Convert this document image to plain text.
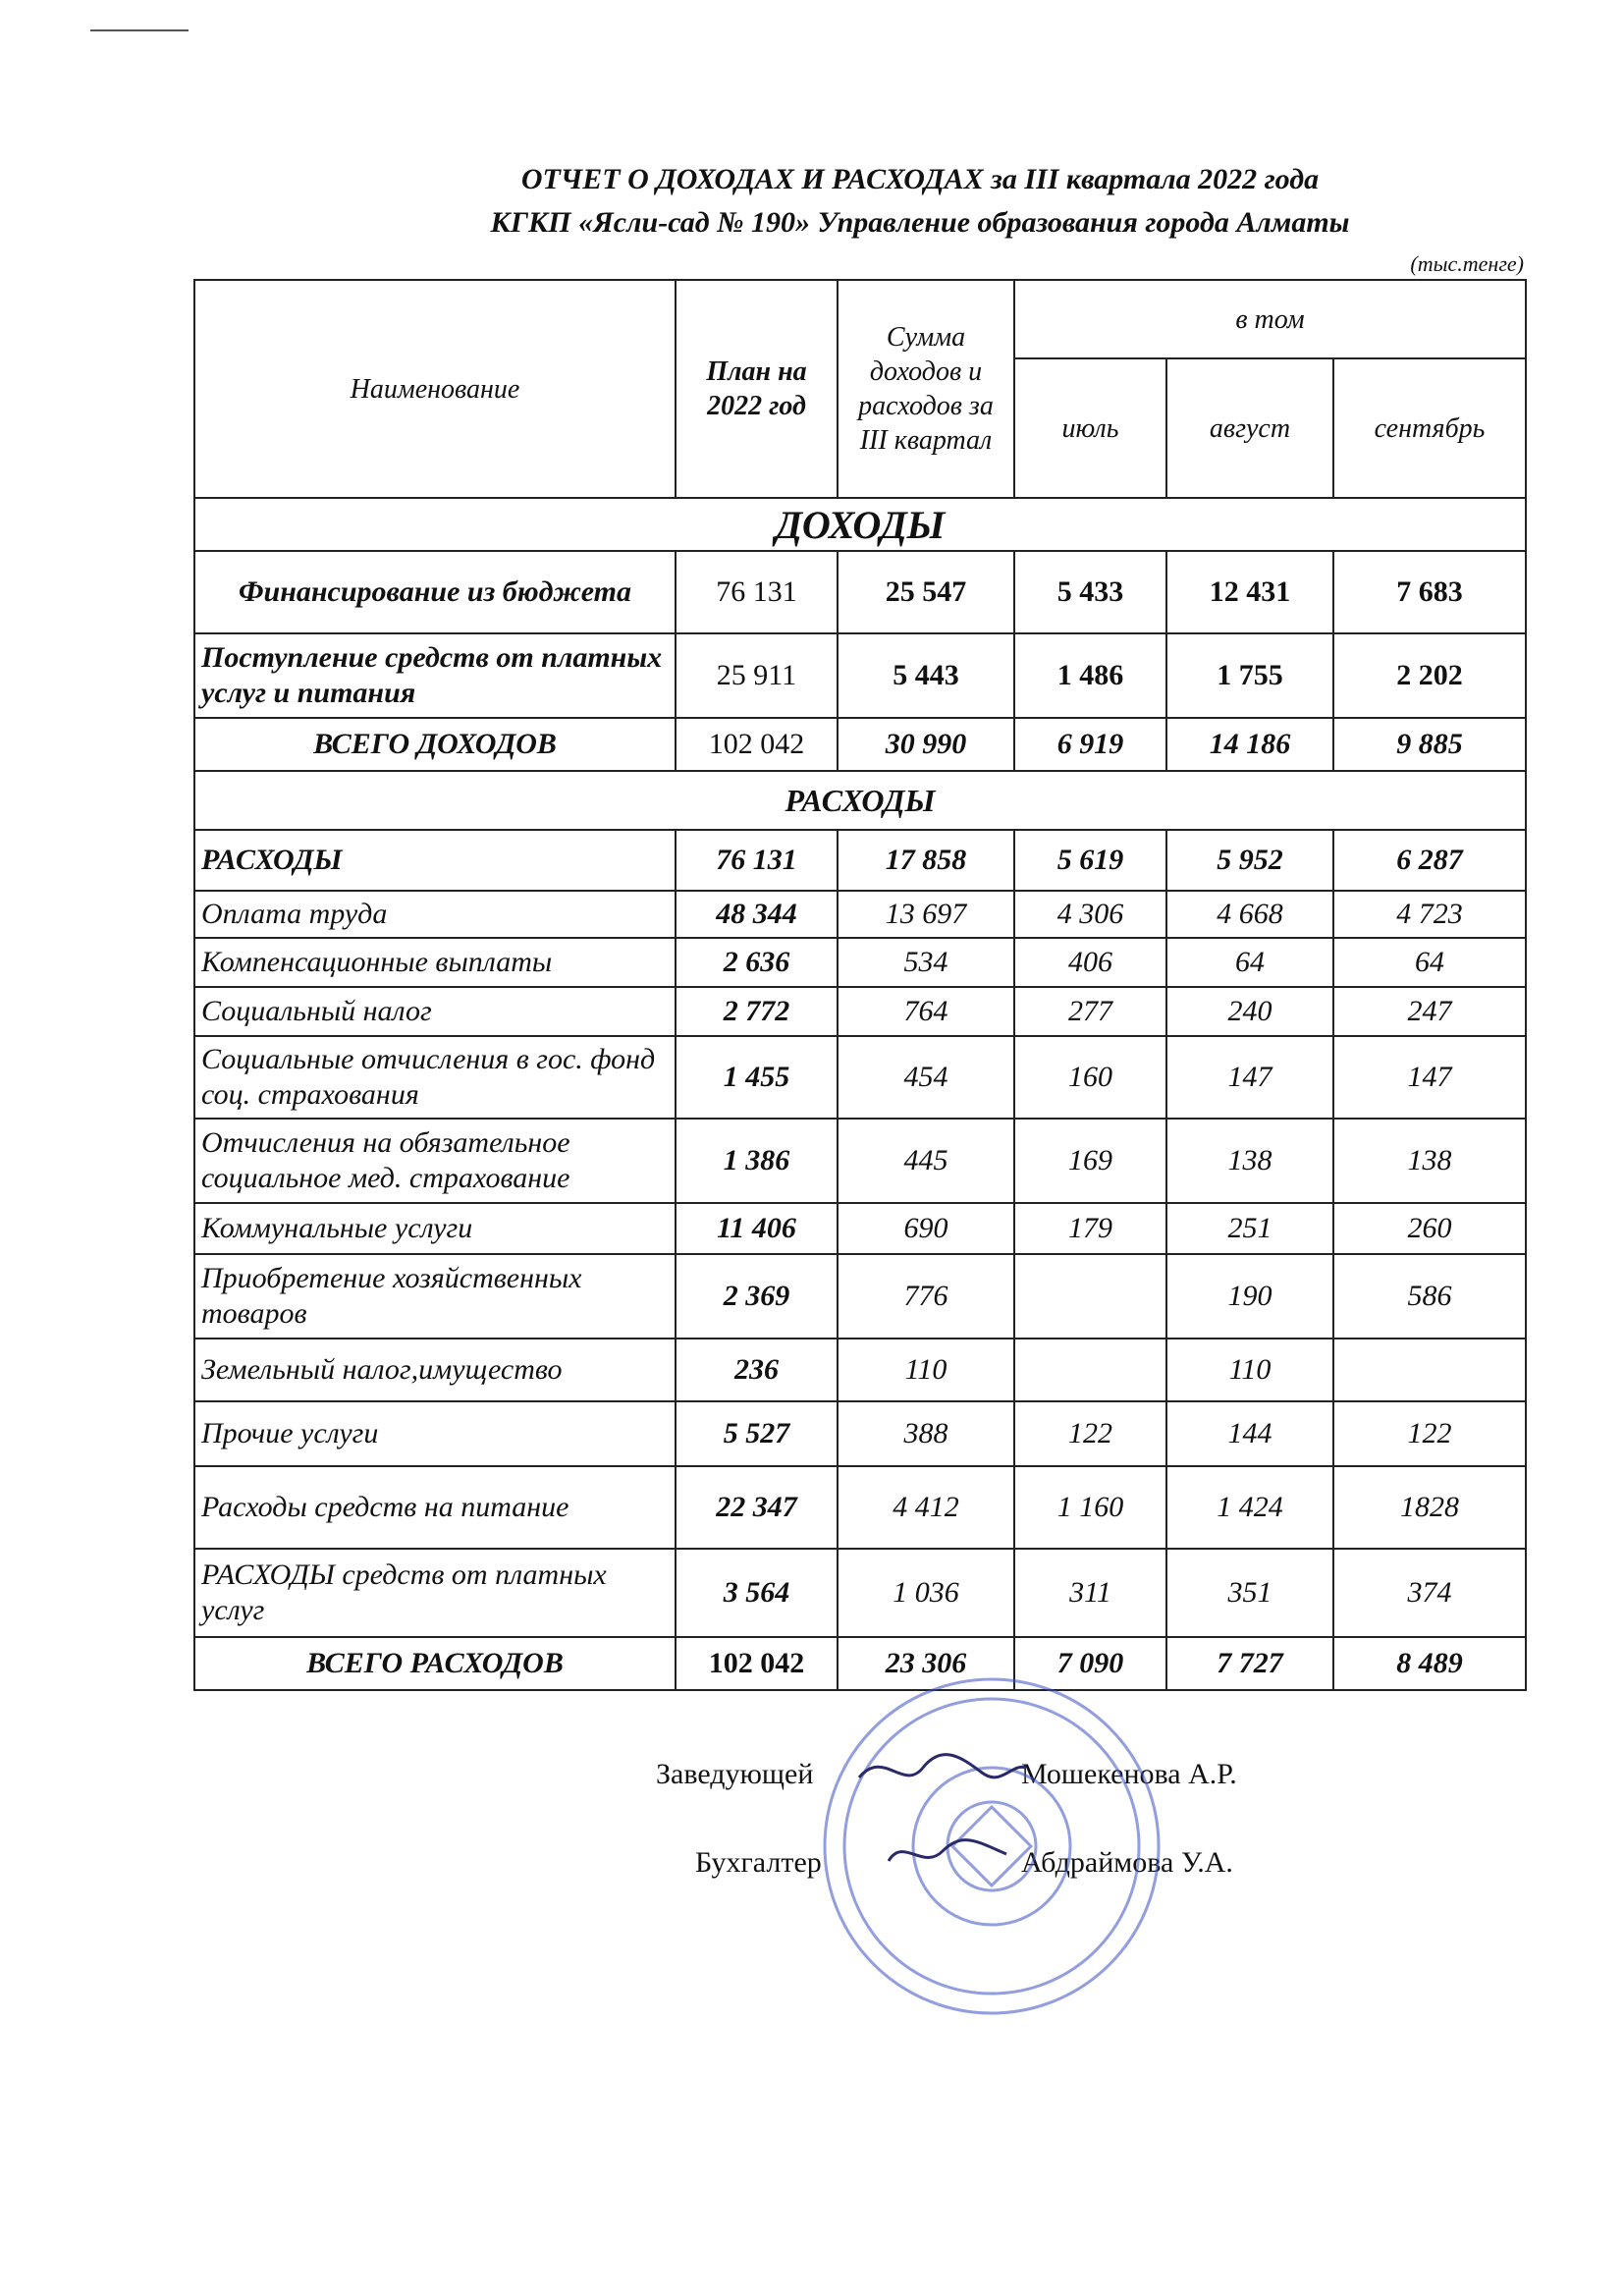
ОТЧЕТ О ДОХОДАХ И РАСХОДАХ за III квартала 2022 года
КГКП «Ясли-сад № 190» Управление образования города Алматы
(тыс.тенге)
Наименование	План на 2022 год	Сумма доходов и расходов за III квартал	в том		
			июль	август	сентябрь
ДОХОДЫ					
Финансирование из бюджета	76 131	25 547	5 433	12 431	7 683
Поступление средств от платных услуг и питания	25 911	5 443	1 486	1 755	2 202
ВСЕГО ДОХОДОВ	102 042	30 990	6 919	14 186	9 885
РАСХОДЫ					
РАСХОДЫ	76 131	17 858	5 619	5 952	6 287
Оплата труда	48 344	13 697	4 306	4 668	4 723
Компенсационные выплаты	2 636	534	406	64	64
Социальный налог	2 772	764	277	240	247
Социальные отчисления в гос. фонд соц. страхования	1 455	454	160	147	147
Отчисления на обязательное социальное мед. страхование	1 386	445	169	138	138
Коммунальные услуги	11 406	690	179	251	260
Приобретение хозяйственных товаров	2 369	776		190	586
Земельный налог,имущество	236	110		110	
Прочие услуги	5 527	388	122	144	122
Расходы средств на питание	22 347	4 412	1 160	1 424	1828
РАСХОДЫ средств от платных услуг	3 564	1 036	311	351	374
ВСЕГО РАСХОДОВ	102 042	23 306	7 090	7 727	8 489
Заведующей	Мошекенова А.Р.
Бухгалтер	Абдраймова У.А.
